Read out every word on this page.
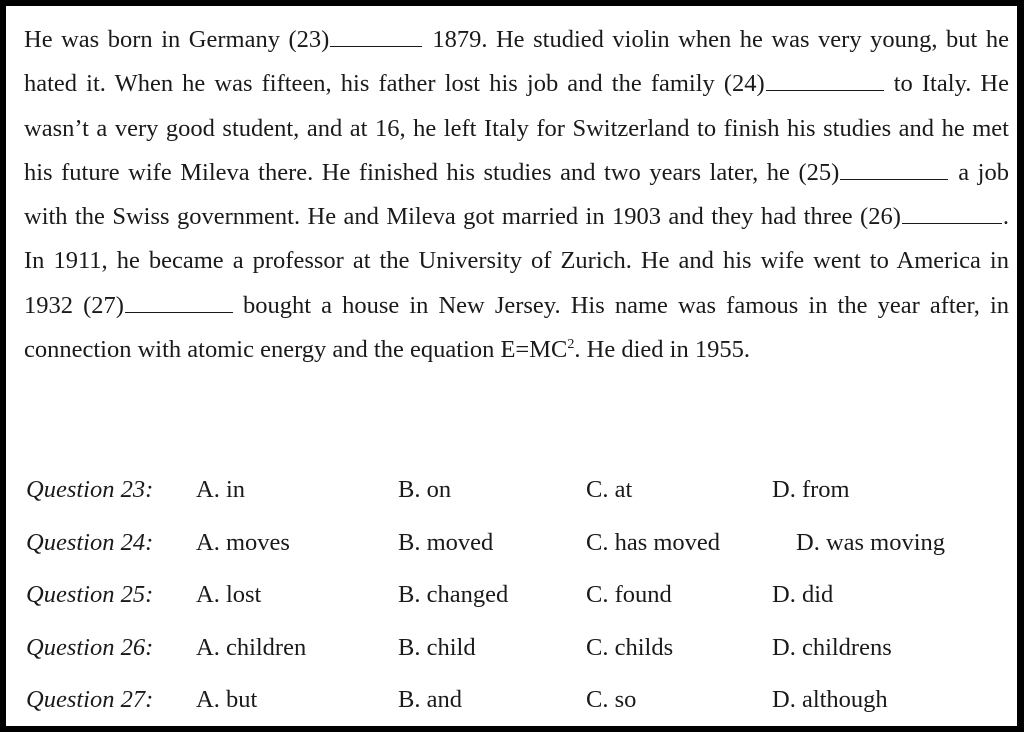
He was born in Germany (23)	1879. He studied violin when he was very young, but he hated it. When he was fifteen, his father lost his job and the family (24)	to Italy. He wasn’t a very good student, and at 16, he left Italy for Switzerland to finish his studies and he met his future wife Mileva there. He finished his studies and two years later, he (25)	a job with the Swiss government. He and Mileva got married in 1903 and they had three (26)	. In 1911, he became a professor at the University of Zurich. He and his wife went to America in 1932 (27)	bought a house in New Jersey. His name was famous in the year after, in connection with atomic energy and the equation $E=MC^2$. He died in 1955.

Question 23: A. in	B. on	C. at	D. from
Question 24: A. moves	B. moved	C. has moved	D. was moving
Question 25: A. lost	B. changed	C. found	D. did
Question 26: A. children	B. child	C. childs	D. childrens
Question 27: A. but	B. and	C. so	D. although
